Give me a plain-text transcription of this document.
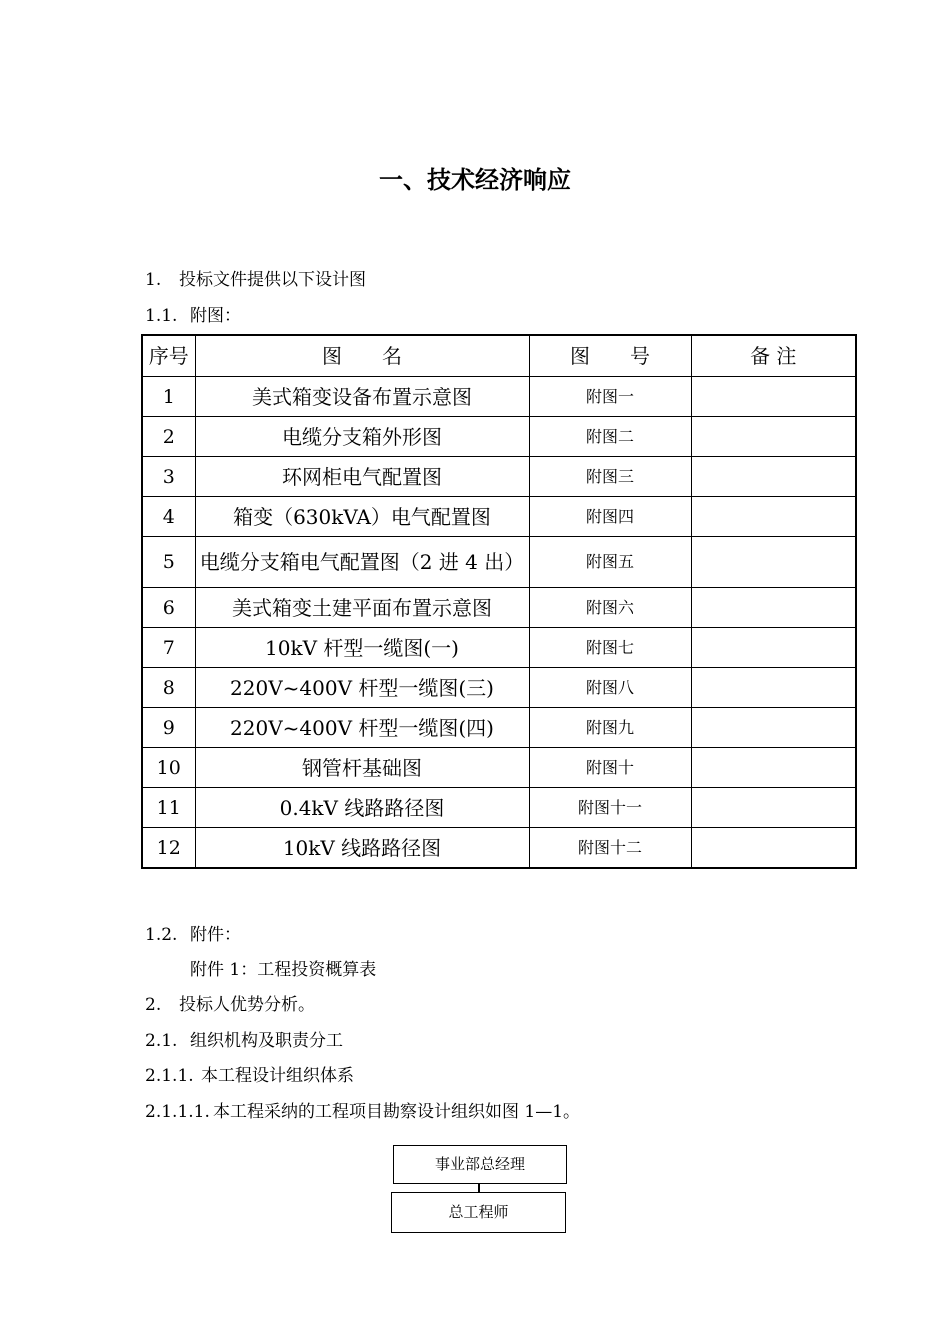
一、技术经济响应
1. 投标文件提供以下设计图
1.1. 附图：
序号	图　　名	图　　号	备 注
1	美式箱变设备布置示意图	附图一	
2	电缆分支箱外形图	附图二	
3	环网柜电气配置图	附图三	
4	箱变（630kVA）电气配置图	附图四	
5	电缆分支箱电气配置图（2 进 4 出）	附图五	
6	美式箱变土建平面布置示意图	附图六	
7	10kV 杆型一缆图(一)	附图七	
8	220V~400V 杆型一缆图(三)	附图八	
9	220V~400V 杆型一缆图(四)	附图九	
10	钢管杆基础图	附图十	
11	0.4kV 线路路径图	附图十一	
12	10kV 线路路径图	附图十二	
1.2. 附件：
附件 1：工程投资概算表
2. 投标人优势分析。
2.1. 组织机构及职责分工
2.1.1. 本工程设计组织体系
2.1.1.1. 本工程采纳的工程项目勘察设计组织如图 1—1。
事业部总经理
总工程师
